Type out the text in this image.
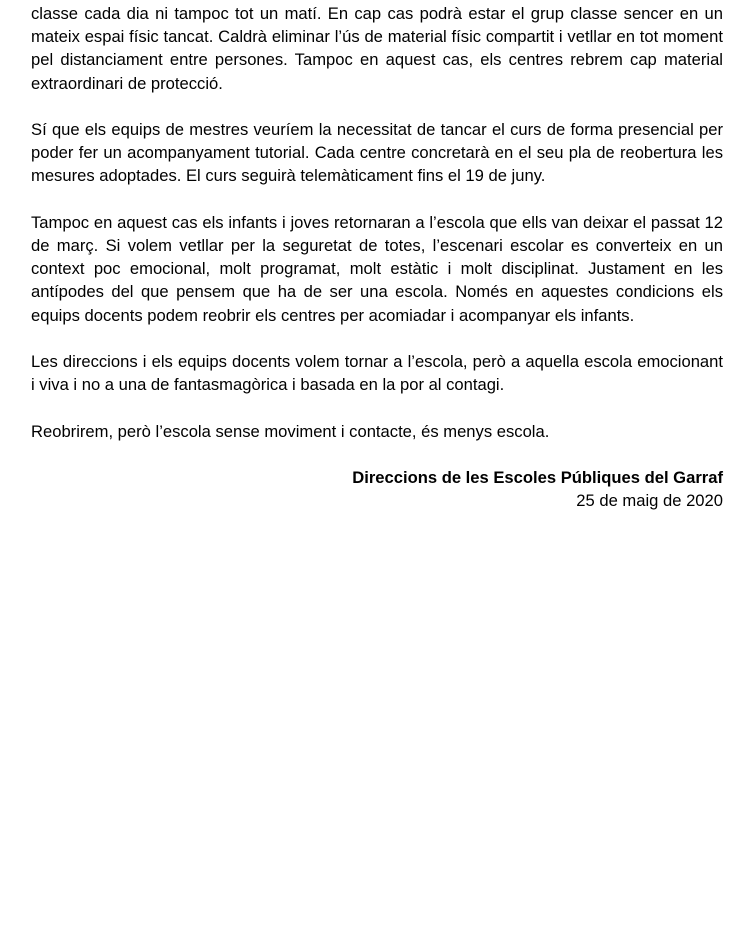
classe cada dia ni tampoc tot un matí. En cap cas podrà estar el grup classe sencer en un mateix espai físic tancat. Caldrà eliminar l’ús de material físic compartit i vetllar en tot moment pel distanciament entre persones. Tampoc en aquest cas, els centres rebrem cap material extraordinari de protecció.

Sí que els equips de mestres veuríem la necessitat de tancar el curs de forma presencial per poder fer un acompanyament tutorial. Cada centre concretarà en el seu pla de reobertura les mesures adoptades. El curs seguirà telemàticament fins el 19 de juny.

Tampoc en aquest cas els infants i joves retornaran a l’escola que ells van deixar el passat 12 de març. Si volem vetllar per la seguretat de totes, l’escenari escolar es converteix en un context poc emocional, molt programat, molt estàtic i molt disciplinat. Justament en les antípodes del que pensem que ha de ser una escola. Només en aquestes condicions els equips docents podem reobrir els centres per acomiadar i acompanyar els infants.

Les direccions i els equips docents volem tornar a l’escola, però a aquella escola emocionant i viva i no a una de fantasmagòrica i basada en la por al contagi.

Reobrirem, però l’escola sense moviment i contacte, és menys escola.

Direccions de les Escoles Públiques del Garraf
25 de maig de 2020
